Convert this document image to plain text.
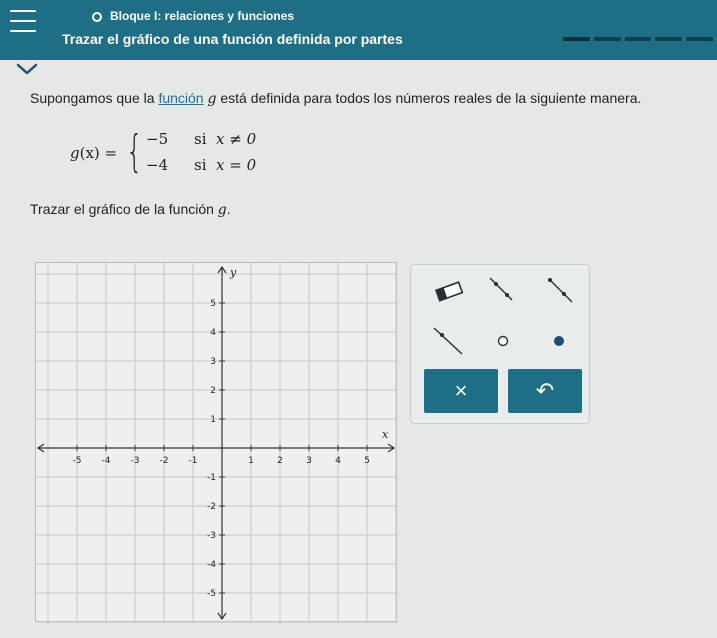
Bloque I: relaciones y funciones
Trazar el gráfico de una función definida por partes
Supongamos que la función g está definida para todos los números reales de la siguiente manera.
g(x) = { −5 si x ≠ 0
−4 si x = 0
Trazar el gráfico de la función g.
x
y
-5 -4 -3 -2 -1	1	2	3	4	5
5
4
3
2
1
-1
-2
-3
-4
-5
×	↶
